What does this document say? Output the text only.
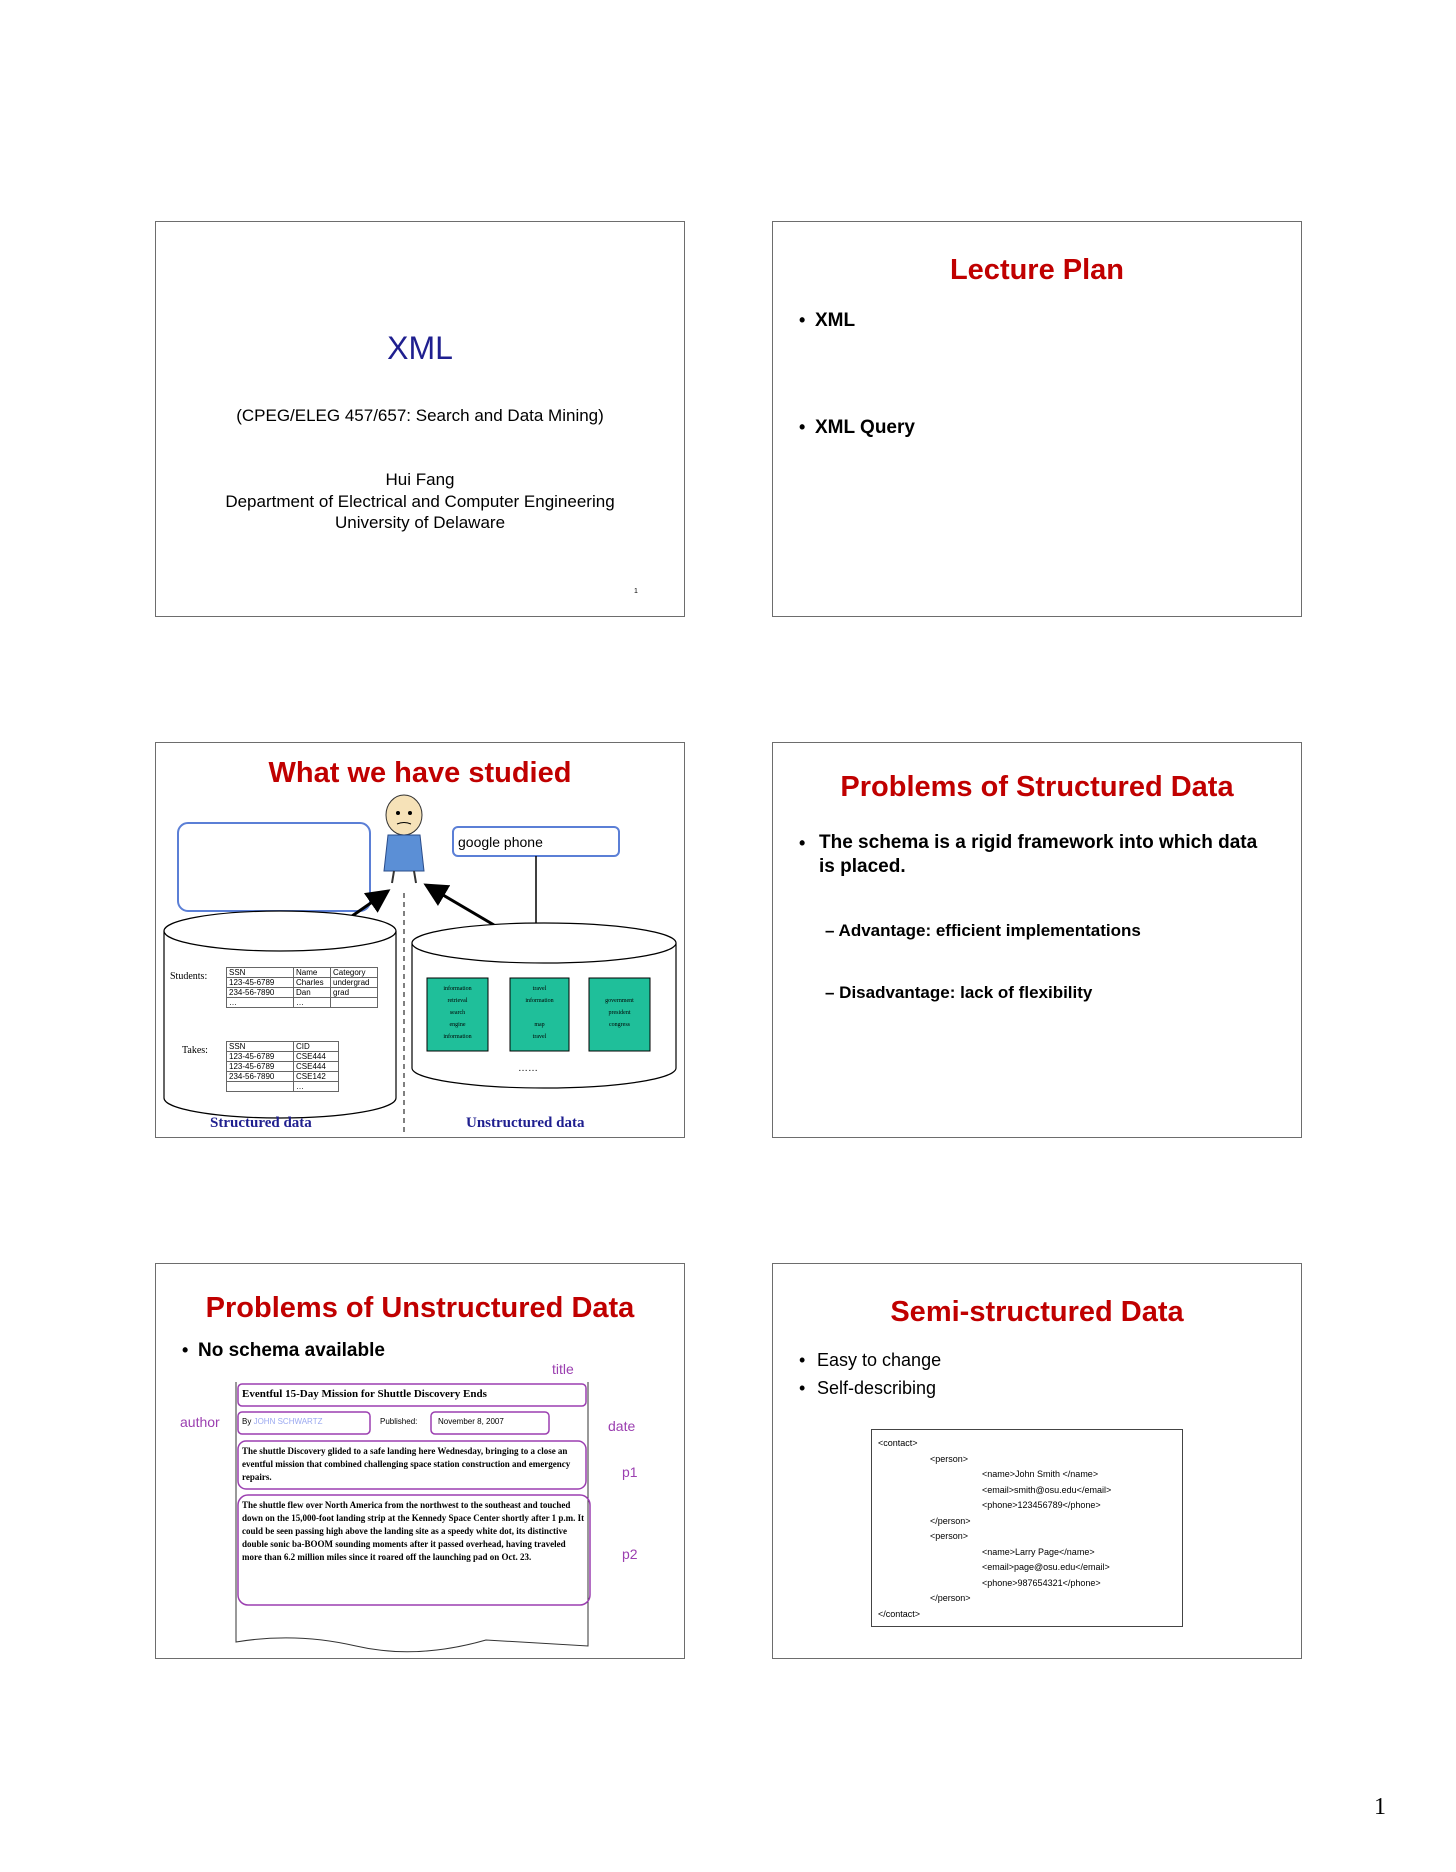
XML
(CPEG/ELEG 457/657: Search and Data Mining)
Hui Fang
Department of Electrical and Computer Engineering
University of Delaware
1
Lecture Plan
• XML
• XML Query
What we have studied
google phone
Students:	SSN	Name	Category
123-45-6789	Charles	undergrad
234-56-7890	Dan	grad
…	…	
Takes:	SSN	CID
123-45-6789	CSE444
123-45-6789	CSE444
234-56-7890	CSE142
	…
information
retrieval
search
engine
information
travel
information
map
travel
government
president
congress
……
Structured data	Unstructured data
Problems of Structured Data
• The schema is a rigid framework into which data is placed.
– Advantage: efficient implementations
– Disadvantage: lack of flexibility
Problems of Unstructured Data
• No schema available
title
author	date
p1
p2
Eventful 15-Day Mission for Shuttle Discovery Ends
By JOHN SCHWARTZ	Published:	November 8, 2007
The shuttle Discovery glided to a safe landing here Wednesday, bringing to a close an eventful mission that combined challenging space station construction and emergency repairs.
The shuttle flew over North America from the northwest to the southeast and touched down on the 15,000-foot landing strip at the Kennedy Space Center shortly after 1 p.m. It could be seen passing high above the landing site as a speedy white dot, its distinctive double sonic ba-BOOM sounding moments after it passed overhead, having traveled more than 6.2 million miles since it roared off the launching pad on Oct. 23.
Semi-structured Data
• Easy to change
• Self-describing
<contact>
<person>
<name>John Smith </name>
<email>smith@osu.edu</email>
<phone>123456789</phone>
</person>
<person>
<name>Larry Page</name>
<email>page@osu.edu</email>
<phone>987654321</phone>
</person>
</contact>
1
